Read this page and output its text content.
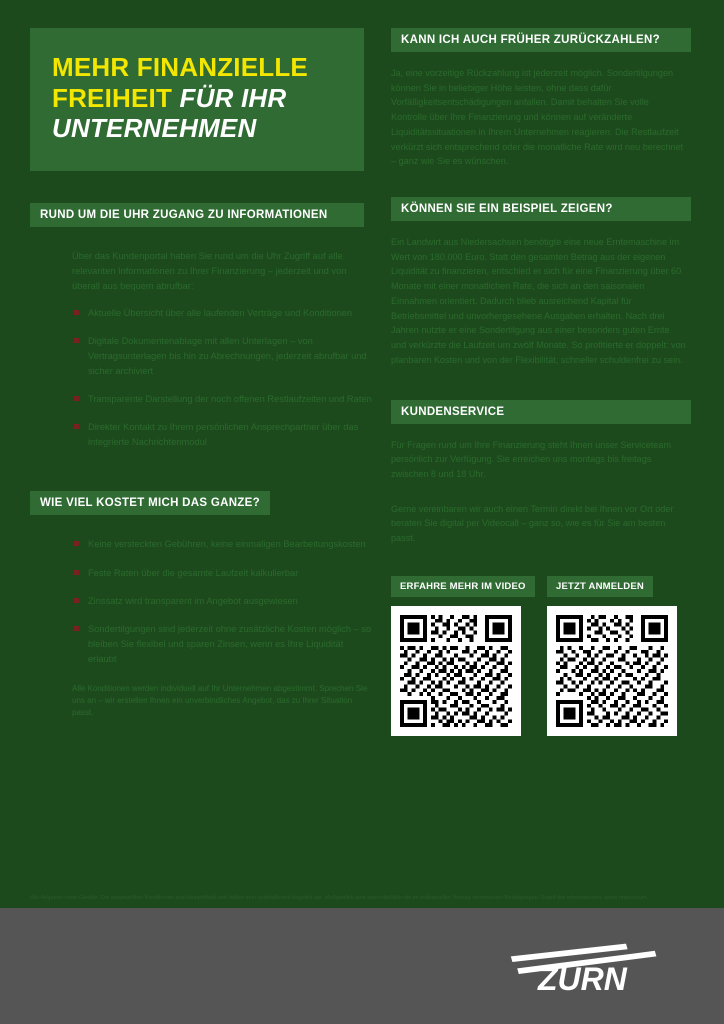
MEHR FINANZIELLE FREIHEIT FÜR IHR UNTERNEHMEN
RUND UM DIE UHR ZUGANG ZU INFORMATIONEN

Über das Kundenportal haben Sie rund um die Uhr Zugriff auf alle relevanten Informationen zu Ihrer Finanzierung – jederzeit und von überall aus bequem abrufbar:

Aktuelle Übersicht über alle laufenden Verträge und Konditionen
Digitale Dokumentenablage mit allen Unterlagen – von Vertragsunterlagen bis hin zu Abrechnungen, jederzeit abrufbar und sicher archiviert
Transparente Darstellung der noch offenen Restlaufzeiten und Raten
Direkter Kontakt zu Ihrem persönlichen Ansprechpartner über das integrierte Nachrichtenmodul
WIE VIEL KOSTET MICH DAS GANZE?
Keine versteckten Gebühren, keine einmaligen Bearbeitungskosten
Feste Raten über die gesamte Laufzeit kalkulierbar
Zinssatz wird transparent im Angebot ausgewiesen
Sondertilgungen sind jederzeit ohne zusätzliche Kosten möglich – so bleiben Sie flexibel und sparen Zinsen, wenn es Ihre Liquidität erlaubt

Alle Konditionen werden individuell auf Ihr Unternehmen abgestimmt. Sprechen Sie uns an – wir erstellen Ihnen ein unverbindliches Angebot, das zu Ihrer Situation passt.

KANN ICH AUCH FRÜHER ZURÜCKZAHLEN?

Ja, eine vorzeitige Rückzahlung ist jederzeit möglich. Sondertilgungen können Sie in beliebiger Höhe leisten, ohne dass dafür Vorfälligkeitsentschädigungen anfallen. Damit behalten Sie volle Kontrolle über Ihre Finanzierung und können auf veränderte Liquiditätssituationen in Ihrem Unternehmen reagieren. Die Restlaufzeit verkürzt sich entsprechend oder die monatliche Rate wird neu berechnet – ganz wie Sie es wünschen.

KÖNNEN SIE EIN BEISPIEL ZEIGEN?

Ein Landwirt aus Niedersachsen benötigte eine neue Erntemaschine im Wert von 180.000 Euro. Statt den gesamten Betrag aus der eigenen Liquidität zu finanzieren, entschied er sich für eine Finanzierung über 60 Monate mit einer monatlichen Rate, die sich an den saisonalen Einnahmen orientiert. Dadurch blieb ausreichend Kapital für Betriebsmittel und unvorhergesehene Ausgaben erhalten. Nach drei Jahren nutzte er eine Sondertilgung aus einer besonders guten Ernte und verkürzte die Laufzeit um zwölf Monate. So profitierte er doppelt: von planbaren Kosten und von der Flexibilität, schneller schuldenfrei zu sein.

KUNDENSERVICE

Für Fragen rund um Ihre Finanzierung steht Ihnen unser Serviceteam persönlich zur Verfügung. Sie erreichen uns montags bis freitags zwischen 8 und 18 Uhr.

Gerne vereinbaren wir auch einen Termin direkt bei Ihnen vor Ort oder beraten Sie digital per Videocall – ganz so, wie es für Sie am besten passt.

ERFAHRE MEHR IM VIDEO	JETZT ANMELDEN
Alle Angaben ohne Gewähr. Die dargestellten Konditionen sind beispielhaft und stellen kein verbindliches Angebot dar. Maßgeblich sind ausschließlich die im individuellen Vertrag vereinbarten Bedingungen. Stand der Informationen: siehe Impressum.
ZÜRN
